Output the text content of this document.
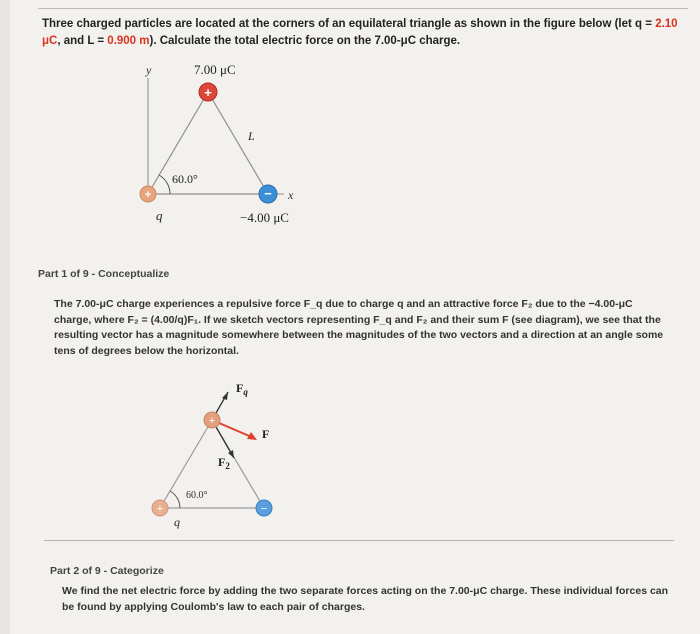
Three charged particles are located at the corners of an equilateral triangle as shown in the figure below (let q = 2.10 μC, and L = 0.900 m). Calculate the total electric force on the 7.00-μC charge.
y
x
60.0°
L
+
7.00 μC
+
q
−
−4.00 μC
Part 1 of 9 - Conceptualize
The 7.00-μC charge experiences a repulsive force F_q due to charge q and an attractive force F₂ due to the −4.00-μC charge, where F₂ = (4.00/q)F₁. If we sketch vectors representing F_q and F₂ and their sum F (see diagram), we see that the resulting vector has a magnitude somewhere between the magnitudes of the two vectors and a direction at an angle some tens of degrees below the horizontal.
60.0°
$F_q$
$F_2$
F
+
+
q
−
Part 2 of 9 - Categorize
We find the net electric force by adding the two separate forces acting on the 7.00-μC charge. These individual forces can be found by applying Coulomb's law to each pair of charges.
